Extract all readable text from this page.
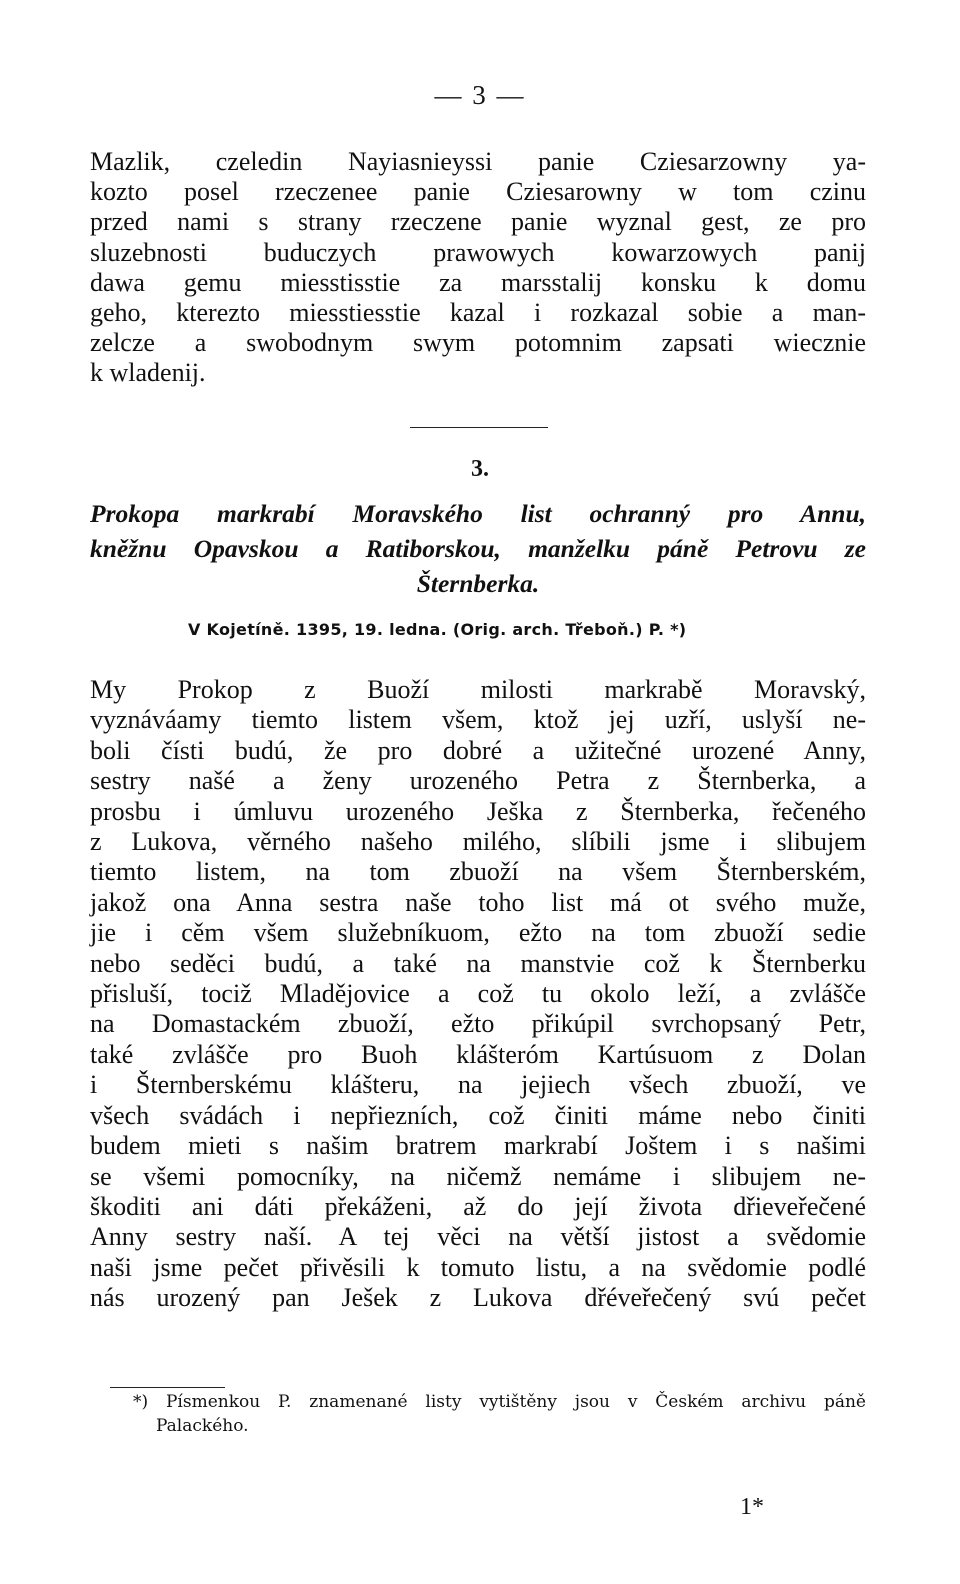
— 3 —
Mazlik, czeledin Nayiasnieyssi panie Cziesarzowny ya-
kozto posel rzeczenee panie Cziesarowny w tom czinu
przed nami s strany rzeczene panie wyznal gest, ze pro
sluzebnosti buduczych prawowych kowarzowych panij
dawa gemu miesstisstie za marsstalij konsku k domu
geho, kterezto miesstiesstie kazal i rozkazal sobie a man-
zelcze a swobodnym swym potomnim zapsati wiecznie
k wladenij.
3.
Prokopa markrabí Moravského list ochranný pro Annu,
kněžnu Opavskou a Ratiborskou, manželku páně Petrovu ze
Šternberka.
V Kojetíně. 1395, 19. ledna. (Orig. arch. Třeboň.) P. *)
My Prokop z Buoží milosti markrabě Moravský,
vyznáváamy tiemto listem všem, ktož jej uzří, uslyší ne-
boli čísti budú, že pro dobré a užitečné urozené Anny,
sestry našé a ženy urozeného Petra z Šternberka, a
prosbu i úmluvu urozeného Ješka z Šternberka, řečeného
z Lukova, věrného našeho milého, slíbili jsme i slibujem
tiemto listem, na tom zbuoží na všem Šternberském,
jakož ona Anna sestra naše toho list má ot svého muže,
jie i cěm všem služebníkuom, ežto na tom zbuoží sedie
nebo seděci budú, a také na manstvie což k Šternberku
přisluší, tociž Mladějovice a což tu okolo leží, a zvlášče
na Domastackém zbuoží, ežto přikúpil svrchopsaný Petr,
také zvlášče pro Buoh klášteróm Kartúsuom z Dolan
i Šternberskému klášteru, na jejiech všech zbuoží, ve
všech svádách i nepřiezních, což činiti máme nebo činiti
budem mieti s našim bratrem markrabí Joštem i s našimi
se všemi pomocníky, na ničemž nemáme i slibujem ne-
škoditi ani dáti překáženi, až do její života dřieveřečené
Anny sestry naší. A tej věci na větší jistost a svědomie
naši jsme pečet přivěsili k tomuto listu, a na svědomie podlé
nás urozený pan Ješek z Lukova dřéveřečený svú pečet
*) Písmenkou P. znamenané listy vytištěny jsou v Českém archivu páně
Palackého.
1*
